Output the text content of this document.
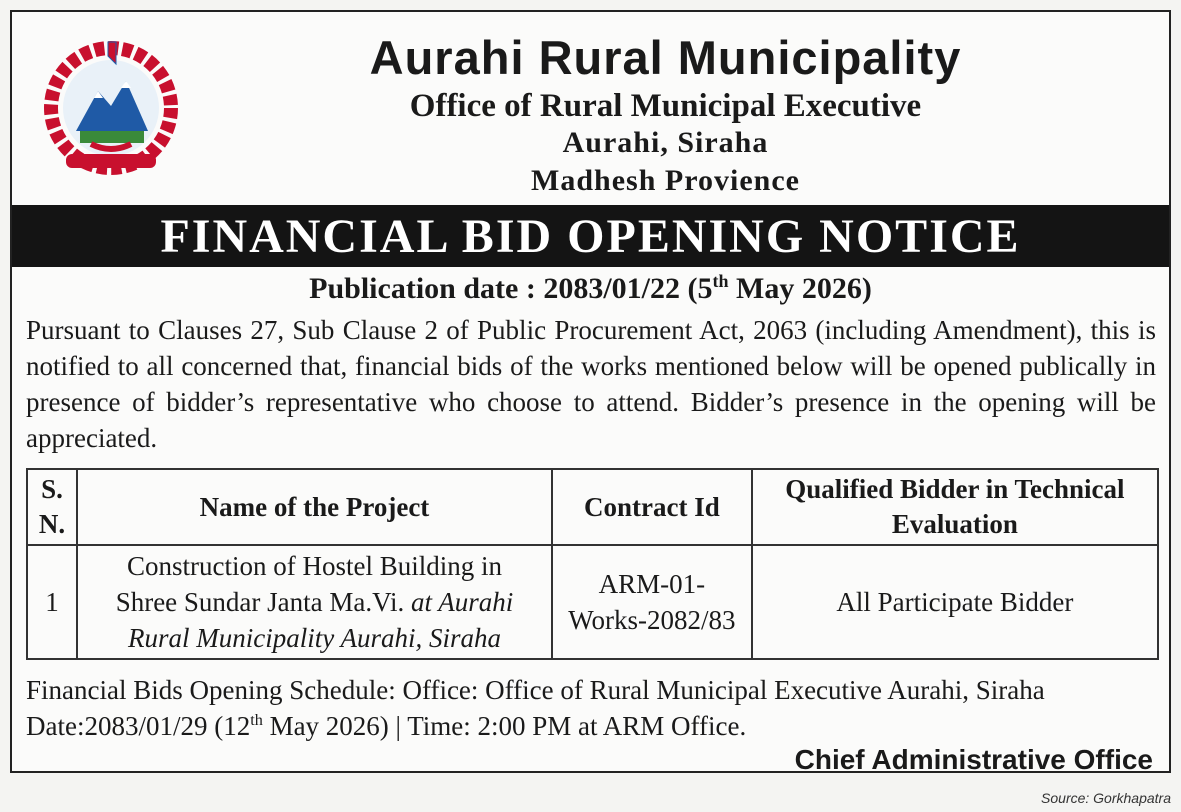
Aurahi Rural Municipality
Office of Rural Municipal Executive
Aurahi, Siraha
Madhesh Provience
FINANCIAL BID OPENING NOTICE
Publication date : 2083/01/22 (5th May 2026)
Pursuant to Clauses 27, Sub Clause 2 of Public Procurement Act, 2063 (including Amendment), this is notified to all concerned that, financial bids of the works mentioned below will be opened publically in presence of bidder’s representative who choose to attend. Bidder’s presence in the opening will be appreciated.
S.
N.	Name of the Project	Contract Id	Qualified Bidder in Technical
Evaluation
1	Construction of Hostel Building in
Shree Sundar Janta Ma.Vi. at Aurahi
Rural Municipality Aurahi, Siraha	ARM-01-
Works-2082/83	All Participate Bidder
Financial Bids Opening Schedule: Office: Office of Rural Municipal Executive Aurahi, Siraha
Date:2083/01/29 (12th May 2026) | Time: 2:00 PM at ARM Office.
Chief Administrative Office
Source: Gorkhapatra
